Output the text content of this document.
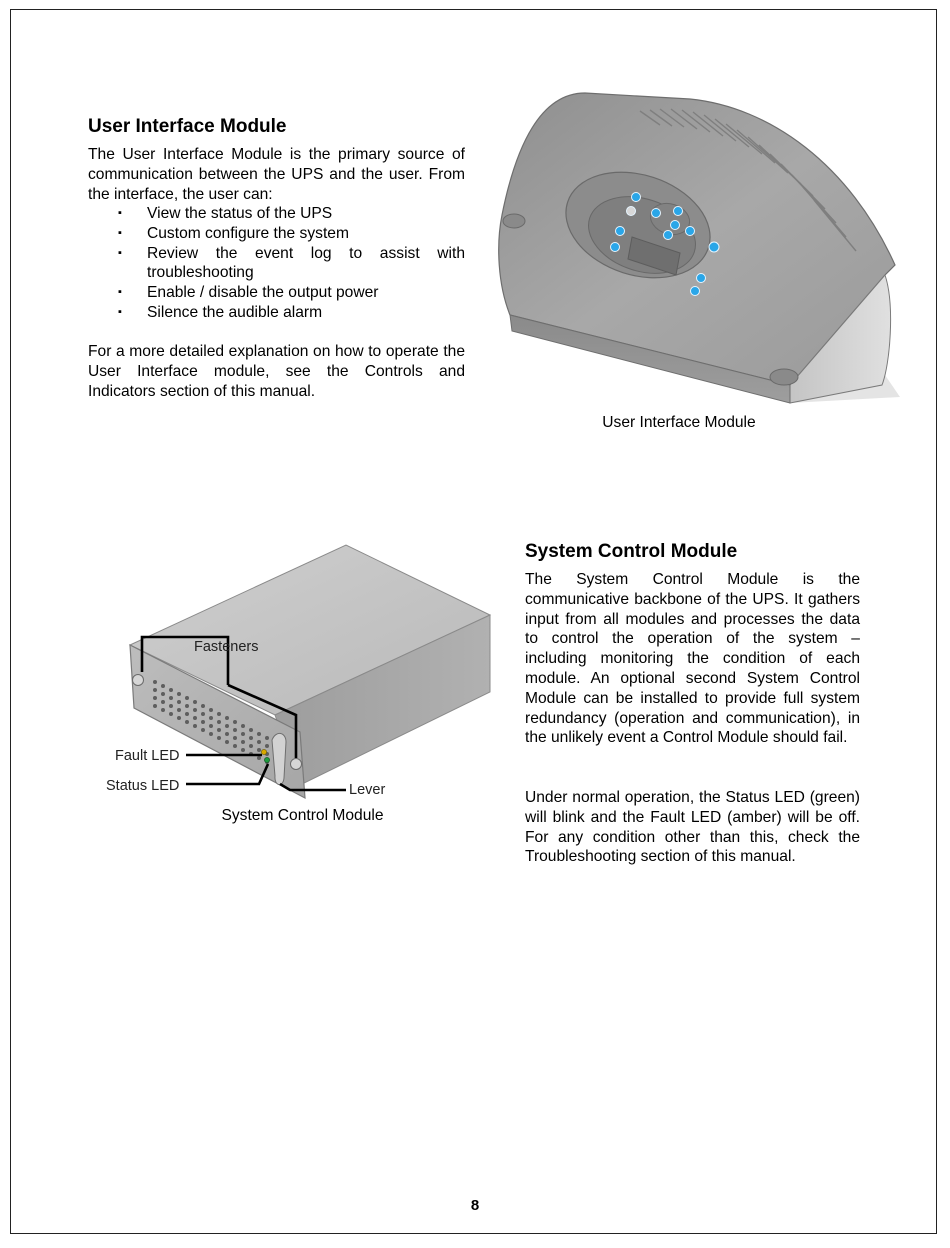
User Interface Module

The User Interface Module is the primary source of communication between the UPS and the user. From the interface, the user can:

▪ View the status of the UPS
▪ Custom configure the system
▪ Review the event log to assist with troubleshooting
▪ Enable / disable the output power
▪ Silence the audible alarm

For a more detailed explanation on how to operate the User Interface module, see the Controls and Indicators section of this manual.

User Interface Module

System Control Module

The System Control Module is the communicative backbone of the UPS. It gathers input from all modules and processes the data to control the operation of the system – including monitoring the condition of each module. An optional second System Control Module can be installed to provide full system redundancy (operation and communication), in the unlikely event a Control Module should fail.

Under normal operation, the Status LED (green) will blink and the Fault LED (amber) will be off. For any condition other than this, check the Troubleshooting section of this manual.

Fasteners
Fault LED
Status LED	Lever

System Control Module

8
